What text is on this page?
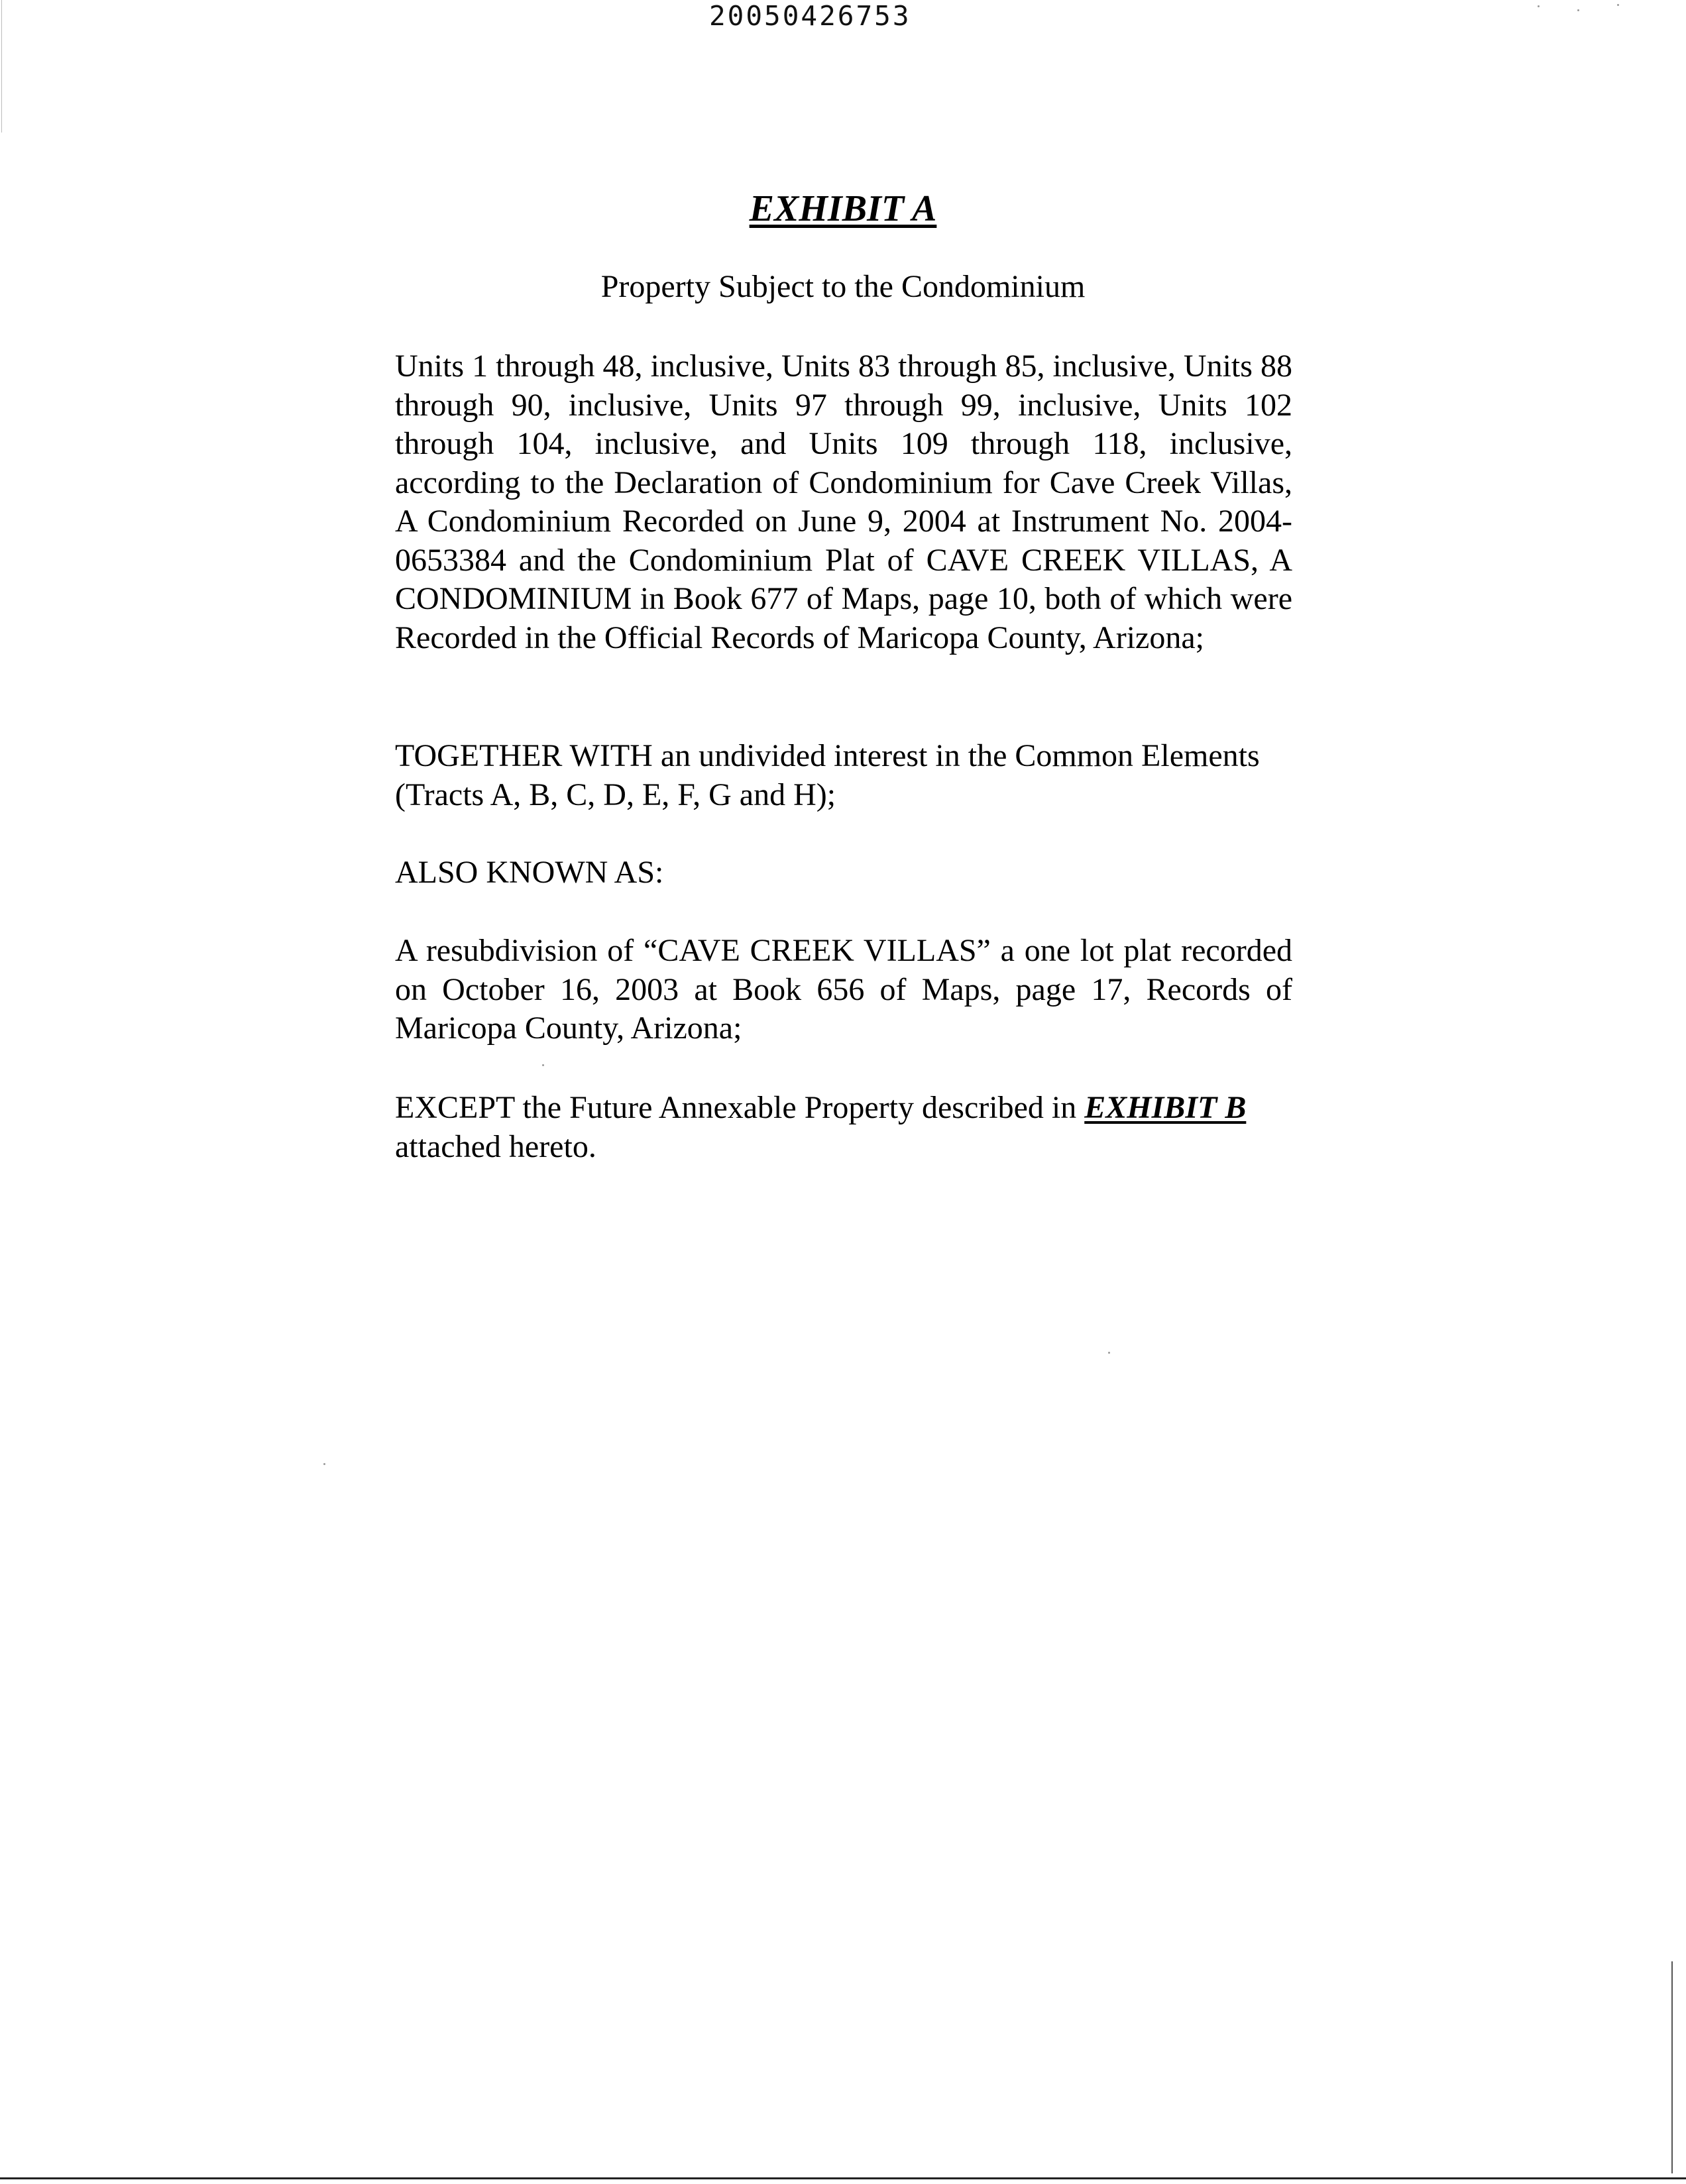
20050426753
EXHIBIT A
Property Subject to the Condominium

Units 1 through 48, inclusive, Units 83 through 85, inclusive, Units 88 through 90, inclusive, Units 97 through 99, inclusive, Units 102 through 104, inclusive, and Units 109 through 118, inclusive, according to the Declaration of Condominium for Cave Creek Villas, A Condominium Recorded on June 9, 2004 at Instrument No. 2004-0653384 and the Condominium Plat of CAVE CREEK VILLAS, A CONDOMINIUM in Book 677 of Maps, page 10, both of which were Recorded in the Official Records of Maricopa County, Arizona;

TOGETHER WITH an undivided interest in the Common Elements
(Tracts A, B, C, D, E, F, G and H);

ALSO KNOWN AS:

A resubdivision of “CAVE CREEK VILLAS” a one lot plat recorded on October 16, 2003 at Book 656 of Maps, page 17, Records of Maricopa County, Arizona;

EXCEPT the Future Annexable Property described in EXHIBIT B
attached hereto.
